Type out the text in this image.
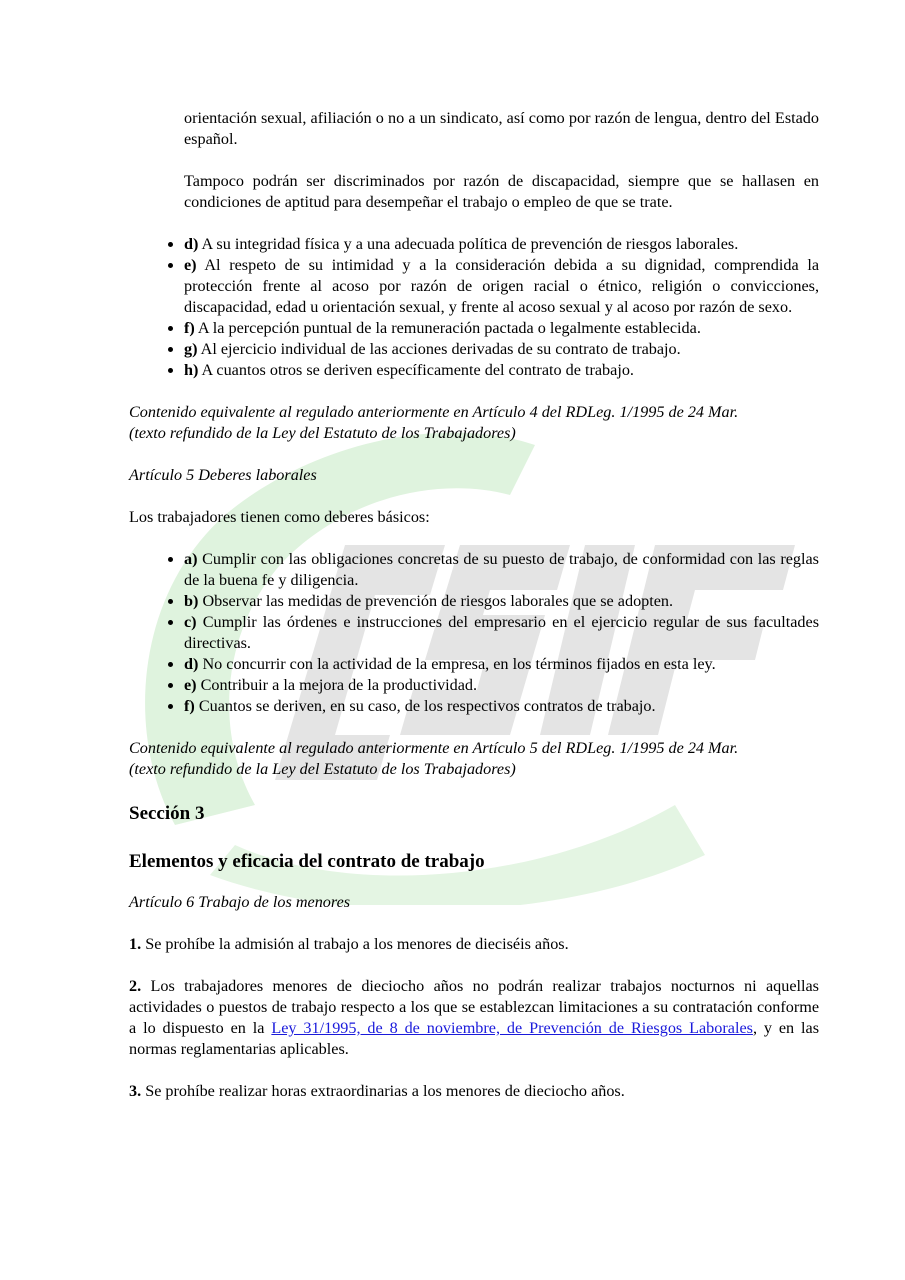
orientación sexual, afiliación o no a un sindicato, así como por razón de lengua, dentro del Estado español.

Tampoco podrán ser discriminados por razón de discapacidad, siempre que se hallasen en condiciones de aptitud para desempeñar el trabajo o empleo de que se trate.

• d) A su integridad física y a una adecuada política de prevención de riesgos laborales.
• e) Al respeto de su intimidad y a la consideración debida a su dignidad, comprendida la protección frente al acoso por razón de origen racial o étnico, religión o convicciones, discapacidad, edad u orientación sexual, y frente al acoso sexual y al acoso por razón de sexo.
• f) A la percepción puntual de la remuneración pactada o legalmente establecida.
• g) Al ejercicio individual de las acciones derivadas de su contrato de trabajo.
• h) A cuantos otros se deriven específicamente del contrato de trabajo.

Contenido equivalente al regulado anteriormente en Artículo 4 del RDLeg. 1/1995 de 24 Mar.
(texto refundido de la Ley del Estatuto de los Trabajadores)

Artículo 5 Deberes laborales

Los trabajadores tienen como deberes básicos:

• a) Cumplir con las obligaciones concretas de su puesto de trabajo, de conformidad con las reglas de la buena fe y diligencia.
• b) Observar las medidas de prevención de riesgos laborales que se adopten.
• c) Cumplir las órdenes e instrucciones del empresario en el ejercicio regular de sus facultades directivas.
• d) No concurrir con la actividad de la empresa, en los términos fijados en esta ley.
• e) Contribuir a la mejora de la productividad.
• f) Cuantos se deriven, en su caso, de los respectivos contratos de trabajo.

Contenido equivalente al regulado anteriormente en Artículo 5 del RDLeg. 1/1995 de 24 Mar.
(texto refundido de la Ley del Estatuto de los Trabajadores)

Sección 3
Elementos y eficacia del contrato de trabajo

Artículo 6 Trabajo de los menores

1. Se prohíbe la admisión al trabajo a los menores de dieciséis años.

2. Los trabajadores menores de dieciocho años no podrán realizar trabajos nocturnos ni aquellas actividades o puestos de trabajo respecto a los que se establezcan limitaciones a su contratación conforme a lo dispuesto en la Ley 31/1995, de 8 de noviembre, de Prevención de Riesgos Laborales, y en las normas reglamentarias aplicables.

3. Se prohíbe realizar horas extraordinarias a los menores de dieciocho años.
